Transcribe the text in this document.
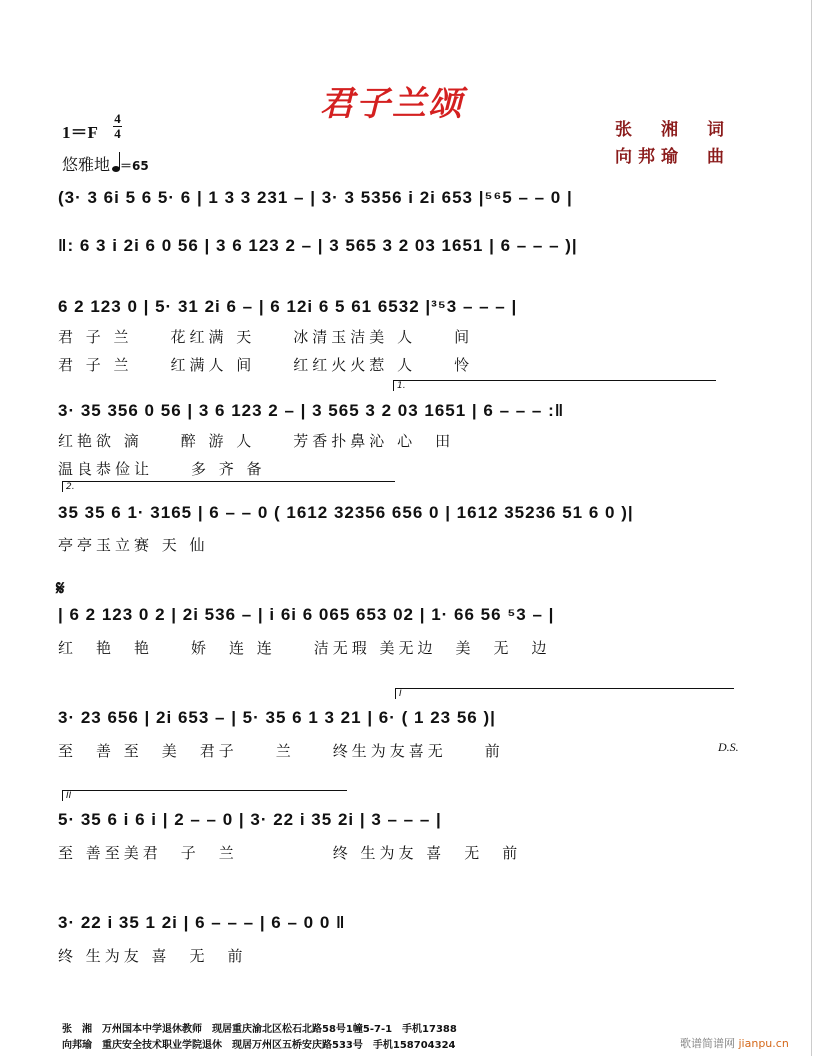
君子兰颂
1＝F
4
4
悠雅地 ＝65
张　湘　词
向邦瑜　曲
(3· 3 6i 5 6 5· 6 | 1 3 3 231 – | 3· 3 5356 i 2i 653 |⁵⁶5 – – 0 |
‖: 6 3 i 2i 6 0 56 | 3 6 123 2 – | 3 565 3 2 03 1651 | 6 – – – )|
6 2 123 0 | 5· 31 2i 6 – | 6 12i 6 5 61 6532 |³⁵3 – – – |
君 子 兰　　花红满 天　　冰清玉洁美 人　　间
君 子 兰　　红满人 间　　红红火火惹 人　　怜
1.
3· 35 356 0 56 | 3 6 123 2 – | 3 565 3 2 03 1651 | 6 – – – :‖
红艳欲 滴　　醉 游 人　　芳香扑鼻沁 心　田
温良恭俭让　　多 齐 备
2.
35 35 6 1· 3165 | 6 – – 0 ( 1612 32356 656 0 | 1612 35236 51 6 0 )|
亭亭玉立赛 天 仙
𝄋
| 6 2 123 0 2 | 2i 536 – | i 6i 6 065 653 02 | 1· 66 56 ⁵3 – |
红　艳　艳　　娇　连 连　　洁无瑕 美无边　美　无　边
I
3· 23 656 | 2i 653 – | 5· 35 6 1 3 21 | 6· ( 1 23 56 )|
至　善 至　美　君子　　兰　　终生为友喜无　　前	D.S.
II
5· 35 6 i 6 i | 2 – – 0 | 3· 22 i 35 2i | 3 – – – |
至 善至美君　子　兰　　　　　终 生为友 喜　无　前
3· 22 i 35 1 2i | 6 – – – | 6 – 0 0 ‖
终 生为友 喜　无　前
张　湘　万州国本中学退休教师　现居重庆渝北区松石北路58号1幢5-7-1　手机17388
向邦瑜　重庆安全技术职业学院退休　现居万州区五桥安庆路533号　手机158704324	歌谱简谱网 jianpu.cn
